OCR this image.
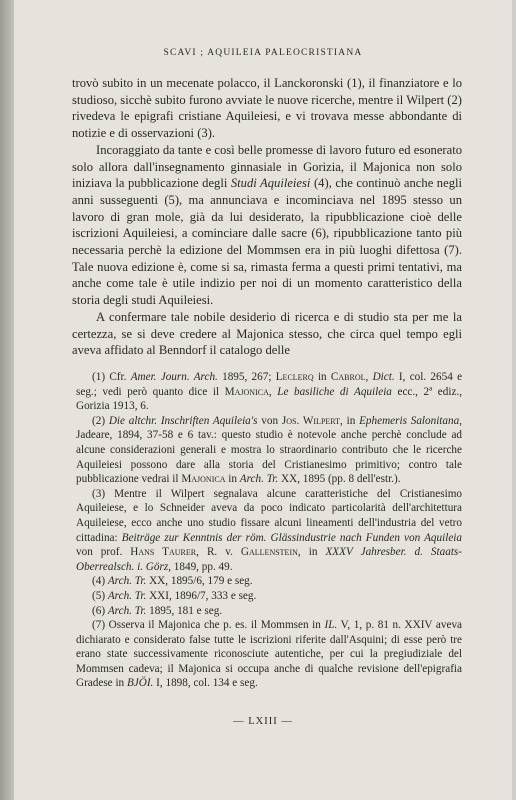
SCAVI ; AQUILEIA PALEOCRISTIANA

trovò subito in un mecenate polacco, il Lanckoronski (1), il finanziatore e lo studioso, sicchè subito furono avviate le nuove ricerche, mentre il Wilpert (2) rivedeva le epigrafi cristiane Aquileiesi, e vi trovava messe abbondante di notizie e di osservazioni (3).

Incoraggiato da tante e così belle promesse di lavoro futuro ed esonerato solo allora dall'insegnamento ginnasiale in Gorizia, il Majonica non solo iniziava la pubblicazione degli Studi Aquileiesi (4), che continuò anche negli anni susseguenti (5), ma annunciava e incominciava nel 1895 stesso un lavoro di gran mole, già da lui desiderato, la ripubblicazione cioè delle iscrizioni Aquileiesi, a cominciare dalle sacre (6), ripubblicazione tanto più necessaria perchè la edizione del Mommsen era in più luoghi difettosa (7). Tale nuova edizione è, come si sa, rimasta ferma a questi primi tentativi, ma anche come tale è utile indizio per noi di un momento caratteristico della storia degli studi Aquileiesi.

A confermare tale nobile desiderio di ricerca e di studio sta per me la certezza, se si deve credere al Majonica stesso, che circa quel tempo egli aveva affidato al Benndorf il catalogo delle

(1) Cfr. Amer. Journ. Arch. 1895, 267; Leclerq in Cabrol, Dict. I, col. 2654 e seg.; vedi però quanto dice il Majonica, Le basiliche di Aquileia ecc., 2ª ediz., Gorizia 1913, 6.

(2) Die altchr. Inschriften Aquileia's von Jos. Wilpert, in Ephemeris Salonitana, Jadeare, 1894, 37-58 e 6 tav.: questo studio è notevole anche perchè conclude ad alcune considerazioni generali e mostra lo straordinario contributo che le ricerche Aquileiesi possono dare alla storia del Cristianesimo primitivo; contro tale pubblicazione vedrai il Majonica in Arch. Tr. XX, 1895 (pp. 8 dell'estr.).

(3) Mentre il Wilpert segnalava alcune caratteristiche del Cristianesimo Aquileiese, e lo Schneider aveva da poco indicato particolarità dell'architettura Aquileiese, ecco anche uno studio fissare alcuni lineamenti dell'industria del vetro cittadina: Beiträge zur Kenntnis der röm. Glässindustrie nach Funden von Aquileia von prof. Hans Taurer, R. v. Gallenstein, in XXXV Jahresber. d. Staats-Oberrealsch. i. Görz, 1849, pp. 49.

(4) Arch. Tr. XX, 1895/6, 179 e seg.

(5) Arch. Tr. XXI, 1896/7, 333 e seg.

(6) Arch. Tr. 1895, 181 e seg.

(7) Osserva il Majonica che p. es. il Mommsen in IL. V, 1, p. 81 n. XXIV aveva dichiarato e considerato false tutte le iscrizioni riferite dall'Asquini; di esse però tre erano state successivamente riconosciute autentiche, per cui la pregiudiziale del Mommsen cadeva; il Majonica si occupa anche di qualche revisione dell'epigrafia Gradese in BJÖI. I, 1898, col. 134 e seg.

— LXIII —
